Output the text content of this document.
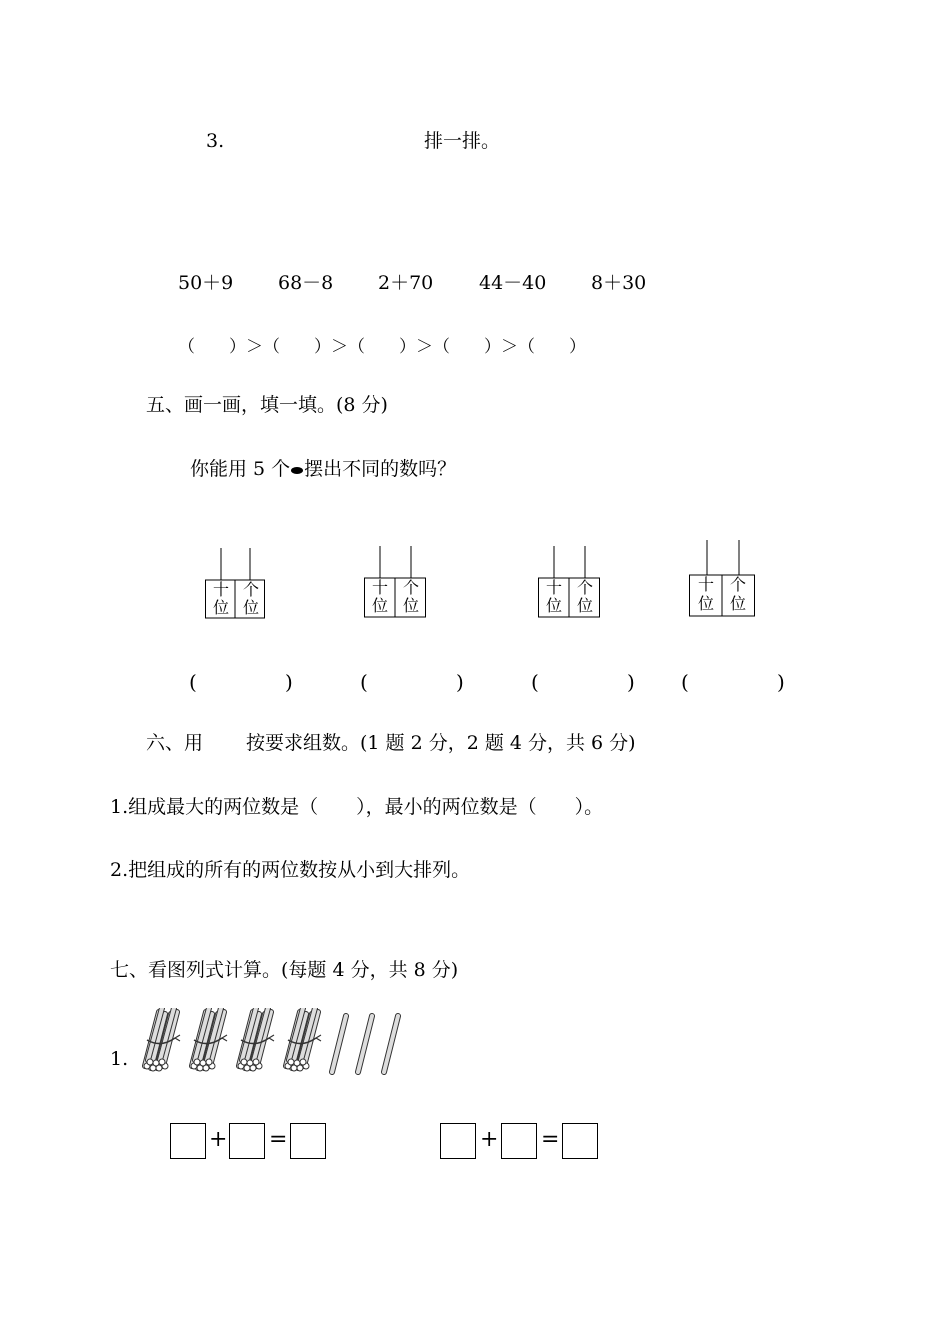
3.	排一排。
50＋9 68－8 2＋70 44－40 8＋30
（　　）＞（　　）＞（　　）＞（　　）＞（　　）
五、画一画，填一填。(8 分)
你能用 5 个 摆出不同的数吗？
十
位
个
位
十
位
个
位
十
位
个
位
十
位
个
位
(	)	(	)	(	) (	)
六、用 按要求组数。(1 题 2 分，2 题 4 分，共 6 分)
1.组成最大的两位数是（　　），最小的两位数是（　　）。
2.把组成的所有的两位数按从小到大排列。
七、看图列式计算。(每题 4 分，共 8 分)
1.
+ =	+ =
